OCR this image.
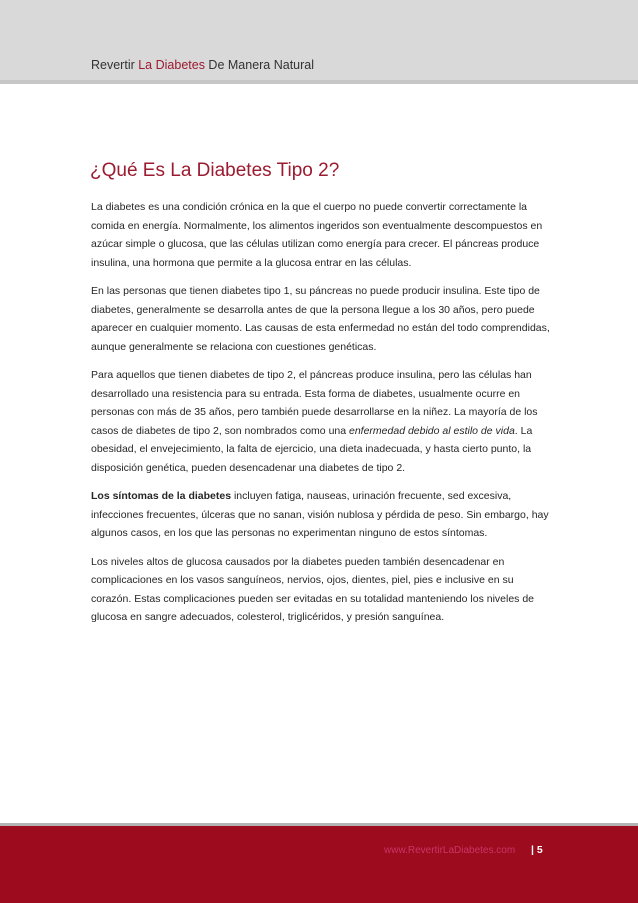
Revertir La Diabetes De Manera Natural
¿Qué Es La Diabetes Tipo 2?

La diabetes es una condición crónica en la que el cuerpo no puede convertir correctamente la comida en energía. Normalmente, los alimentos ingeridos son eventualmente descompuestos en azúcar simple o glucosa, que las células utilizan como energía para crecer. El páncreas produce insulina, una hormona que permite a la glucosa entrar en las células.

En las personas que tienen diabetes tipo 1, su páncreas no puede producir insulina. Este tipo de diabetes, generalmente se desarrolla antes de que la persona llegue a los 30 años, pero puede aparecer en cualquier momento. Las causas de esta enfermedad no están del todo comprendidas, aunque generalmente se relaciona con cuestiones genéticas.

Para aquellos que tienen diabetes de tipo 2, el páncreas produce insulina, pero las células han desarrollado una resistencia para su entrada. Esta forma de diabetes, usualmente ocurre en personas con más de 35 años, pero también puede desarrollarse en la niñez. La mayoría de los casos de diabetes de tipo 2, son nombrados como una enfermedad debido al estilo de vida. La obesidad, el envejecimiento, la falta de ejercicio, una dieta inadecuada, y hasta cierto punto, la disposición genética, pueden desencadenar una diabetes de tipo 2.

Los síntomas de la diabetes incluyen fatiga, nauseas, urinación frecuente, sed excesiva, infecciones frecuentes, úlceras que no sanan, visión nublosa y pérdida de peso. Sin embargo, hay algunos casos, en los que las personas no experimentan ninguno de estos síntomas.

Los niveles altos de glucosa causados por la diabetes pueden también desencadenar en complicaciones en los vasos sanguíneos, nervios, ojos, dientes, piel, pies e inclusive en su corazón. Estas complicaciones pueden ser evitadas en su totalidad manteniendo los niveles de glucosa en sangre adecuados, colesterol, triglicéridos, y presión sanguínea.

www.RevertirLaDiabetes.com | 5
